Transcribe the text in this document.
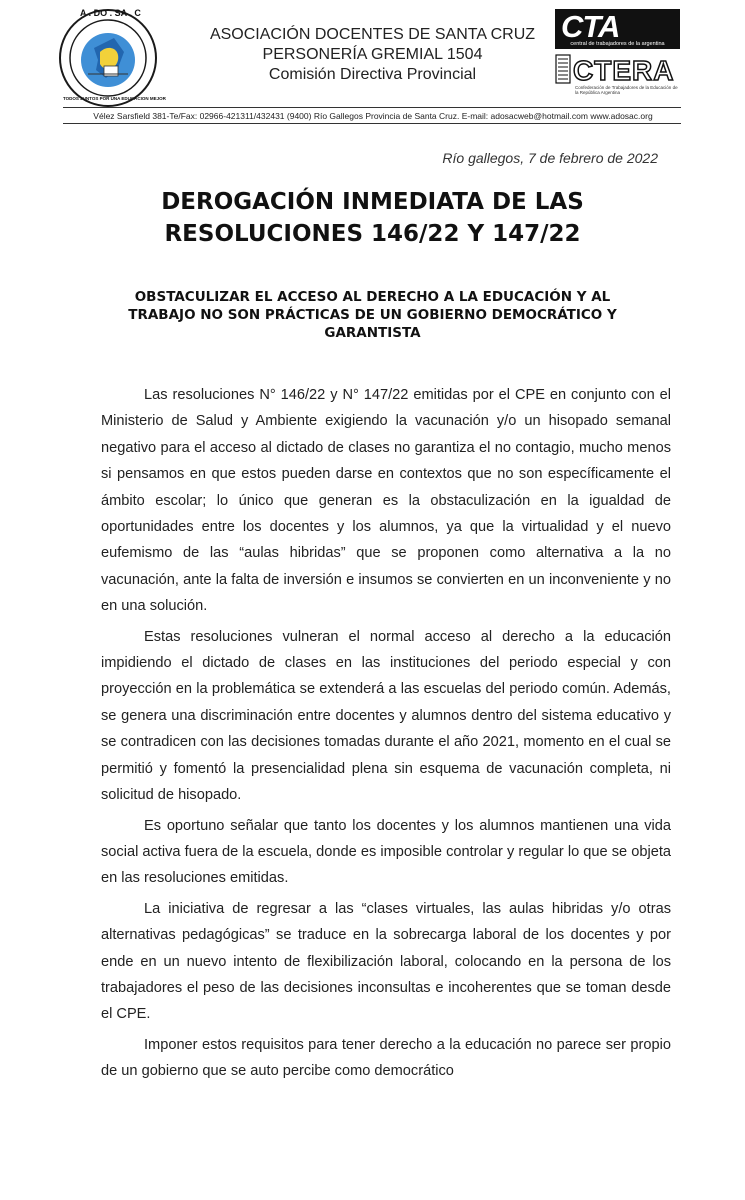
A . DO . SA . C
TODOS JUNTOS POR UNA EDUCACION MEJOR
ASOCIACIÓN DOCENTES DE SANTA CRUZ
PERSONERÍA GREMIAL 1504
Comisión Directiva Provincial
CTA
central de trabajadores de la argentina
CTERA
Confederación de Trabajadores de la Educación de la República Argentina
Vélez Sarsfield 381-Te/Fax: 02966-421311/432431 (9400) Río Gallegos Provincia de Santa Cruz. E-mail: adosacweb@hotmail.com www.adosac.org
Río gallegos, 7 de febrero de 2022
DEROGACIÓN INMEDIATA DE LAS
RESOLUCIONES 146/22 Y 147/22
OBSTACULIZAR EL ACCESO AL DERECHO A LA EDUCACIÓN Y AL
TRABAJO NO SON PRÁCTICAS DE UN GOBIERNO DEMOCRÁTICO Y
GARANTISTA

Las resoluciones N° 146/22 y N° 147/22 emitidas por el CPE en conjunto con el Ministerio de Salud y Ambiente exigiendo la vacunación y/o un hisopado semanal negativo para el acceso al dictado de clases no garantiza el no contagio, mucho menos si pensamos en que estos pueden darse en contextos que no son específicamente el ámbito escolar; lo único que generan es la obstaculización en la igualdad de oportunidades entre los docentes y los alumnos, ya que la virtualidad y el nuevo eufemismo de las “aulas hibridas” que se proponen como alternativa a la no vacunación, ante la falta de inversión e insumos se convierten en un inconveniente y no en una solución.

Estas resoluciones vulneran el normal acceso al derecho a la educación impidiendo el dictado de clases en las instituciones del periodo especial y con proyección en la problemática se extenderá a las escuelas del periodo común. Además, se genera una discriminación entre docentes y alumnos dentro del sistema educativo y se contradicen con las decisiones tomadas durante el año 2021, momento en el cual se permitió y fomentó la presencialidad plena sin esquema de vacunación completa, ni solicitud de hisopado.

Es oportuno señalar que tanto los docentes y los alumnos mantienen una vida social activa fuera de la escuela, donde es imposible controlar y regular lo que se objeta en las resoluciones emitidas.

La iniciativa de regresar a las “clases virtuales, las aulas hibridas y/o otras alternativas pedagógicas” se traduce en la sobrecarga laboral de los docentes y por ende en un nuevo intento de flexibilización laboral, colocando en la persona de los trabajadores el peso de las decisiones inconsultas e incoherentes que se toman desde el CPE.

Imponer estos requisitos para tener derecho a la educación no parece ser propio de un gobierno que se auto percibe como democrático
